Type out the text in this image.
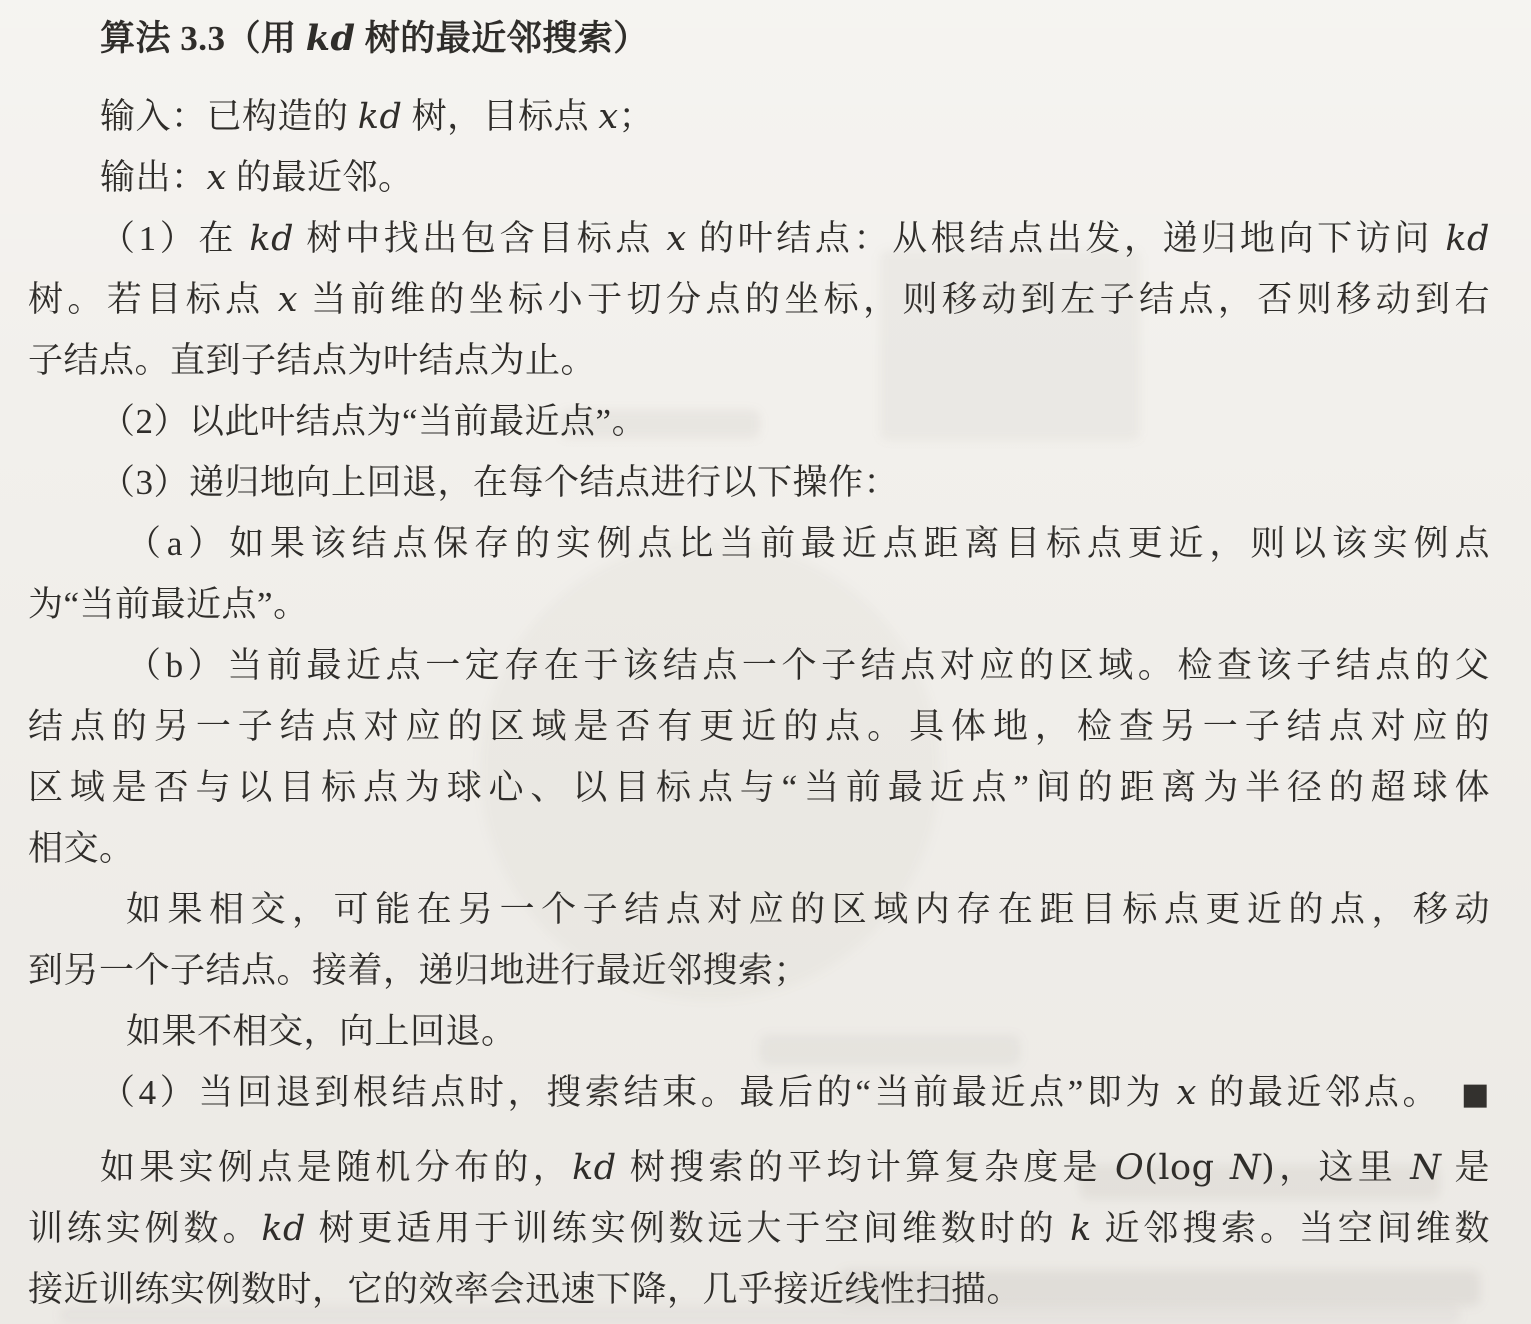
算法 3.3（用 kd 树的最近邻搜索）
输入：已构造的 kd 树，目标点 x；
输出：x 的最近邻。
（1）在 kd 树中找出包含目标点 x 的叶结点：从根结点出发，递归地向下访问 kd
树。若目标点 x 当前维的坐标小于切分点的坐标，则移动到左子结点，否则移动到右
子结点。直到子结点为叶结点为止。
（2）以此叶结点为“当前最近点”。
（3）递归地向上回退，在每个结点进行以下操作：
（a）如果该结点保存的实例点比当前最近点距离目标点更近，则以该实例点
为“当前最近点”。
（b）当前最近点一定存在于该结点一个子结点对应的区域。检查该子结点的父
结点的另一子结点对应的区域是否有更近的点。具体地，检查另一子结点对应的
区域是否与以目标点为球心、以目标点与“当前最近点”间的距离为半径的超球体
相交。
如果相交，可能在另一个子结点对应的区域内存在距目标点更近的点，移动
到另一个子结点。接着，递归地进行最近邻搜索；
如果不相交，向上回退。
（4）当回退到根结点时，搜索结束。最后的“当前最近点”即为 x 的最近邻点。 ■
如果实例点是随机分布的，kd 树搜索的平均计算复杂度是 O(log N)，这里 N 是
训练实例数。kd 树更适用于训练实例数远大于空间维数时的 k 近邻搜索。当空间维数
接近训练实例数时，它的效率会迅速下降，几乎接近线性扫描。
